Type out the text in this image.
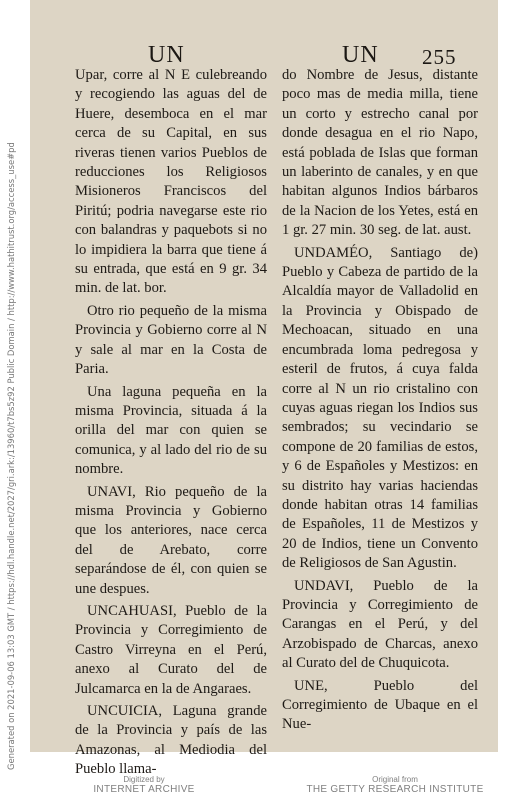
Generated on 2021-09-06 13:03 GMT / https://hdl.handle.net/2027/gri.ark:/13960/t7bs5z92 Public Domain / http://www.hathitrust.org/access_use#pd
UN	UN 255

Upar, corre al N E culebreando y recogiendo las aguas del de Huere, desemboca en el mar cerca de su Capital, en sus riveras tienen varios Pueblos de reducciones los Religiosos Misioneros Franciscos del Piritú; podria navegarse este rio con balandras y paquebots si no lo impidiera la barra que tiene á su entrada, que está en 9 gr. 34 min. de lat. bor.

Otro rio pequeño de la misma Provincia y Gobierno corre al N y sale al mar en la Costa de Paria.

Una laguna pequeña en la misma Provincia, situada á la orilla del mar con quien se comunica, y al lado del rio de su nombre.

UNAVI, Rio pequeño de la misma Provincia y Gobierno que los anteriores, nace cerca del de Arebato, corre separándose de él, con quien se une despues.

UNCAHUASI, Pueblo de la Provincia y Corregimiento de Castro Virreyna en el Perú, anexo al Curato del de Julcamarca en la de Angaraes.

UNCUICIA, Laguna grande de la Provincia y país de las Amazonas, al Mediodia del Pueblo llama-

do Nombre de Jesus, distante poco mas de media milla, tiene un corto y estrecho canal por donde desagua en el rio Napo, está poblada de Islas que forman un laberinto de canales, y en que habitan algunos Indios bárbaros de la Nacion de los Yetes, está en 1 gr. 27 min. 30 seg. de lat. aust.

UNDAMÉO, Santiago de) Pueblo y Cabeza de partido de la Alcaldía mayor de Valladolid en la Provincia y Obispado de Mechoacan, situado en una encumbrada loma pedregosa y esteril de frutos, á cuya falda corre al N un rio cristalino con cuyas aguas riegan los Indios sus sembrados; su vecindario se compone de 20 familias de estos, y 6 de Españoles y Mestizos: en su distrito hay varias haciendas donde habitan otras 14 familias de Españoles, 11 de Mestizos y 20 de Indios, tiene un Convento de Religiosos de San Agustin.

UNDAVI, Pueblo de la Provincia y Corregimiento de Carangas en el Perú, y del Arzobispado de Charcas, anexo al Curato del de Chuquicota.

UNE, Pueblo del Corregimiento de Ubaque en el Nue-

Digitized by
INTERNET ARCHIVE
Original from
THE GETTY RESEARCH INSTITUTE
